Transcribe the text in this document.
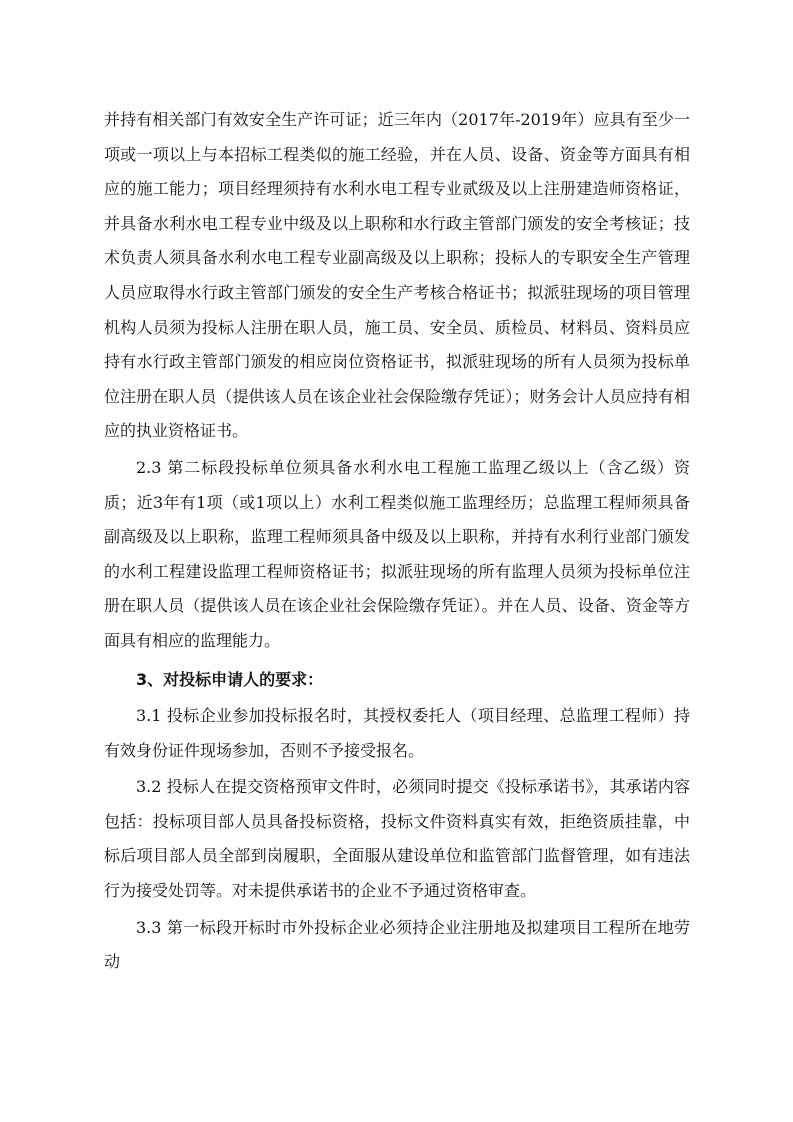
并持有相关部门有效安全生产许可证；近三年内（2017年-2019年）应具有至少一项或一项以上与本招标工程类似的施工经验，并在人员、设备、资金等方面具有相应的施工能力；项目经理须持有水利水电工程专业贰级及以上注册建造师资格证，并具备水利水电工程专业中级及以上职称和水行政主管部门颁发的安全考核证；技术负责人须具备水利水电工程专业副高级及以上职称；投标人的专职安全生产管理人员应取得水行政主管部门颁发的安全生产考核合格证书；拟派驻现场的项目管理机构人员须为投标人注册在职人员，施工员、安全员、质检员、材料员、资料员应持有水行政主管部门颁发的相应岗位资格证书，拟派驻现场的所有人员须为投标单位注册在职人员（提供该人员在该企业社会保险缴存凭证）；财务会计人员应持有相应的执业资格证书。

2.3 第二标段投标单位须具备水利水电工程施工监理乙级以上（含乙级）资质；近3年有1项（或1项以上）水利工程类似施工监理经历；总监理工程师须具备副高级及以上职称，监理工程师须具备中级及以上职称，并持有水利行业部门颁发的水利工程建设监理工程师资格证书；拟派驻现场的所有监理人员须为投标单位注册在职人员（提供该人员在该企业社会保险缴存凭证）。并在人员、设备、资金等方面具有相应的监理能力。

3、对投标申请人的要求：

3.1 投标企业参加投标报名时，其授权委托人（项目经理、总监理工程师）持有效身份证件现场参加，否则不予接受报名。

3.2 投标人在提交资格预审文件时，必须同时提交《投标承诺书》，其承诺内容包括：投标项目部人员具备投标资格，投标文件资料真实有效，拒绝资质挂靠，中标后项目部人员全部到岗履职，全面服从建设单位和监管部门监督管理，如有违法行为接受处罚等。对未提供承诺书的企业不予通过资格审查。

3.3 第一标段开标时市外投标企业必须持企业注册地及拟建项目工程所在地劳动
